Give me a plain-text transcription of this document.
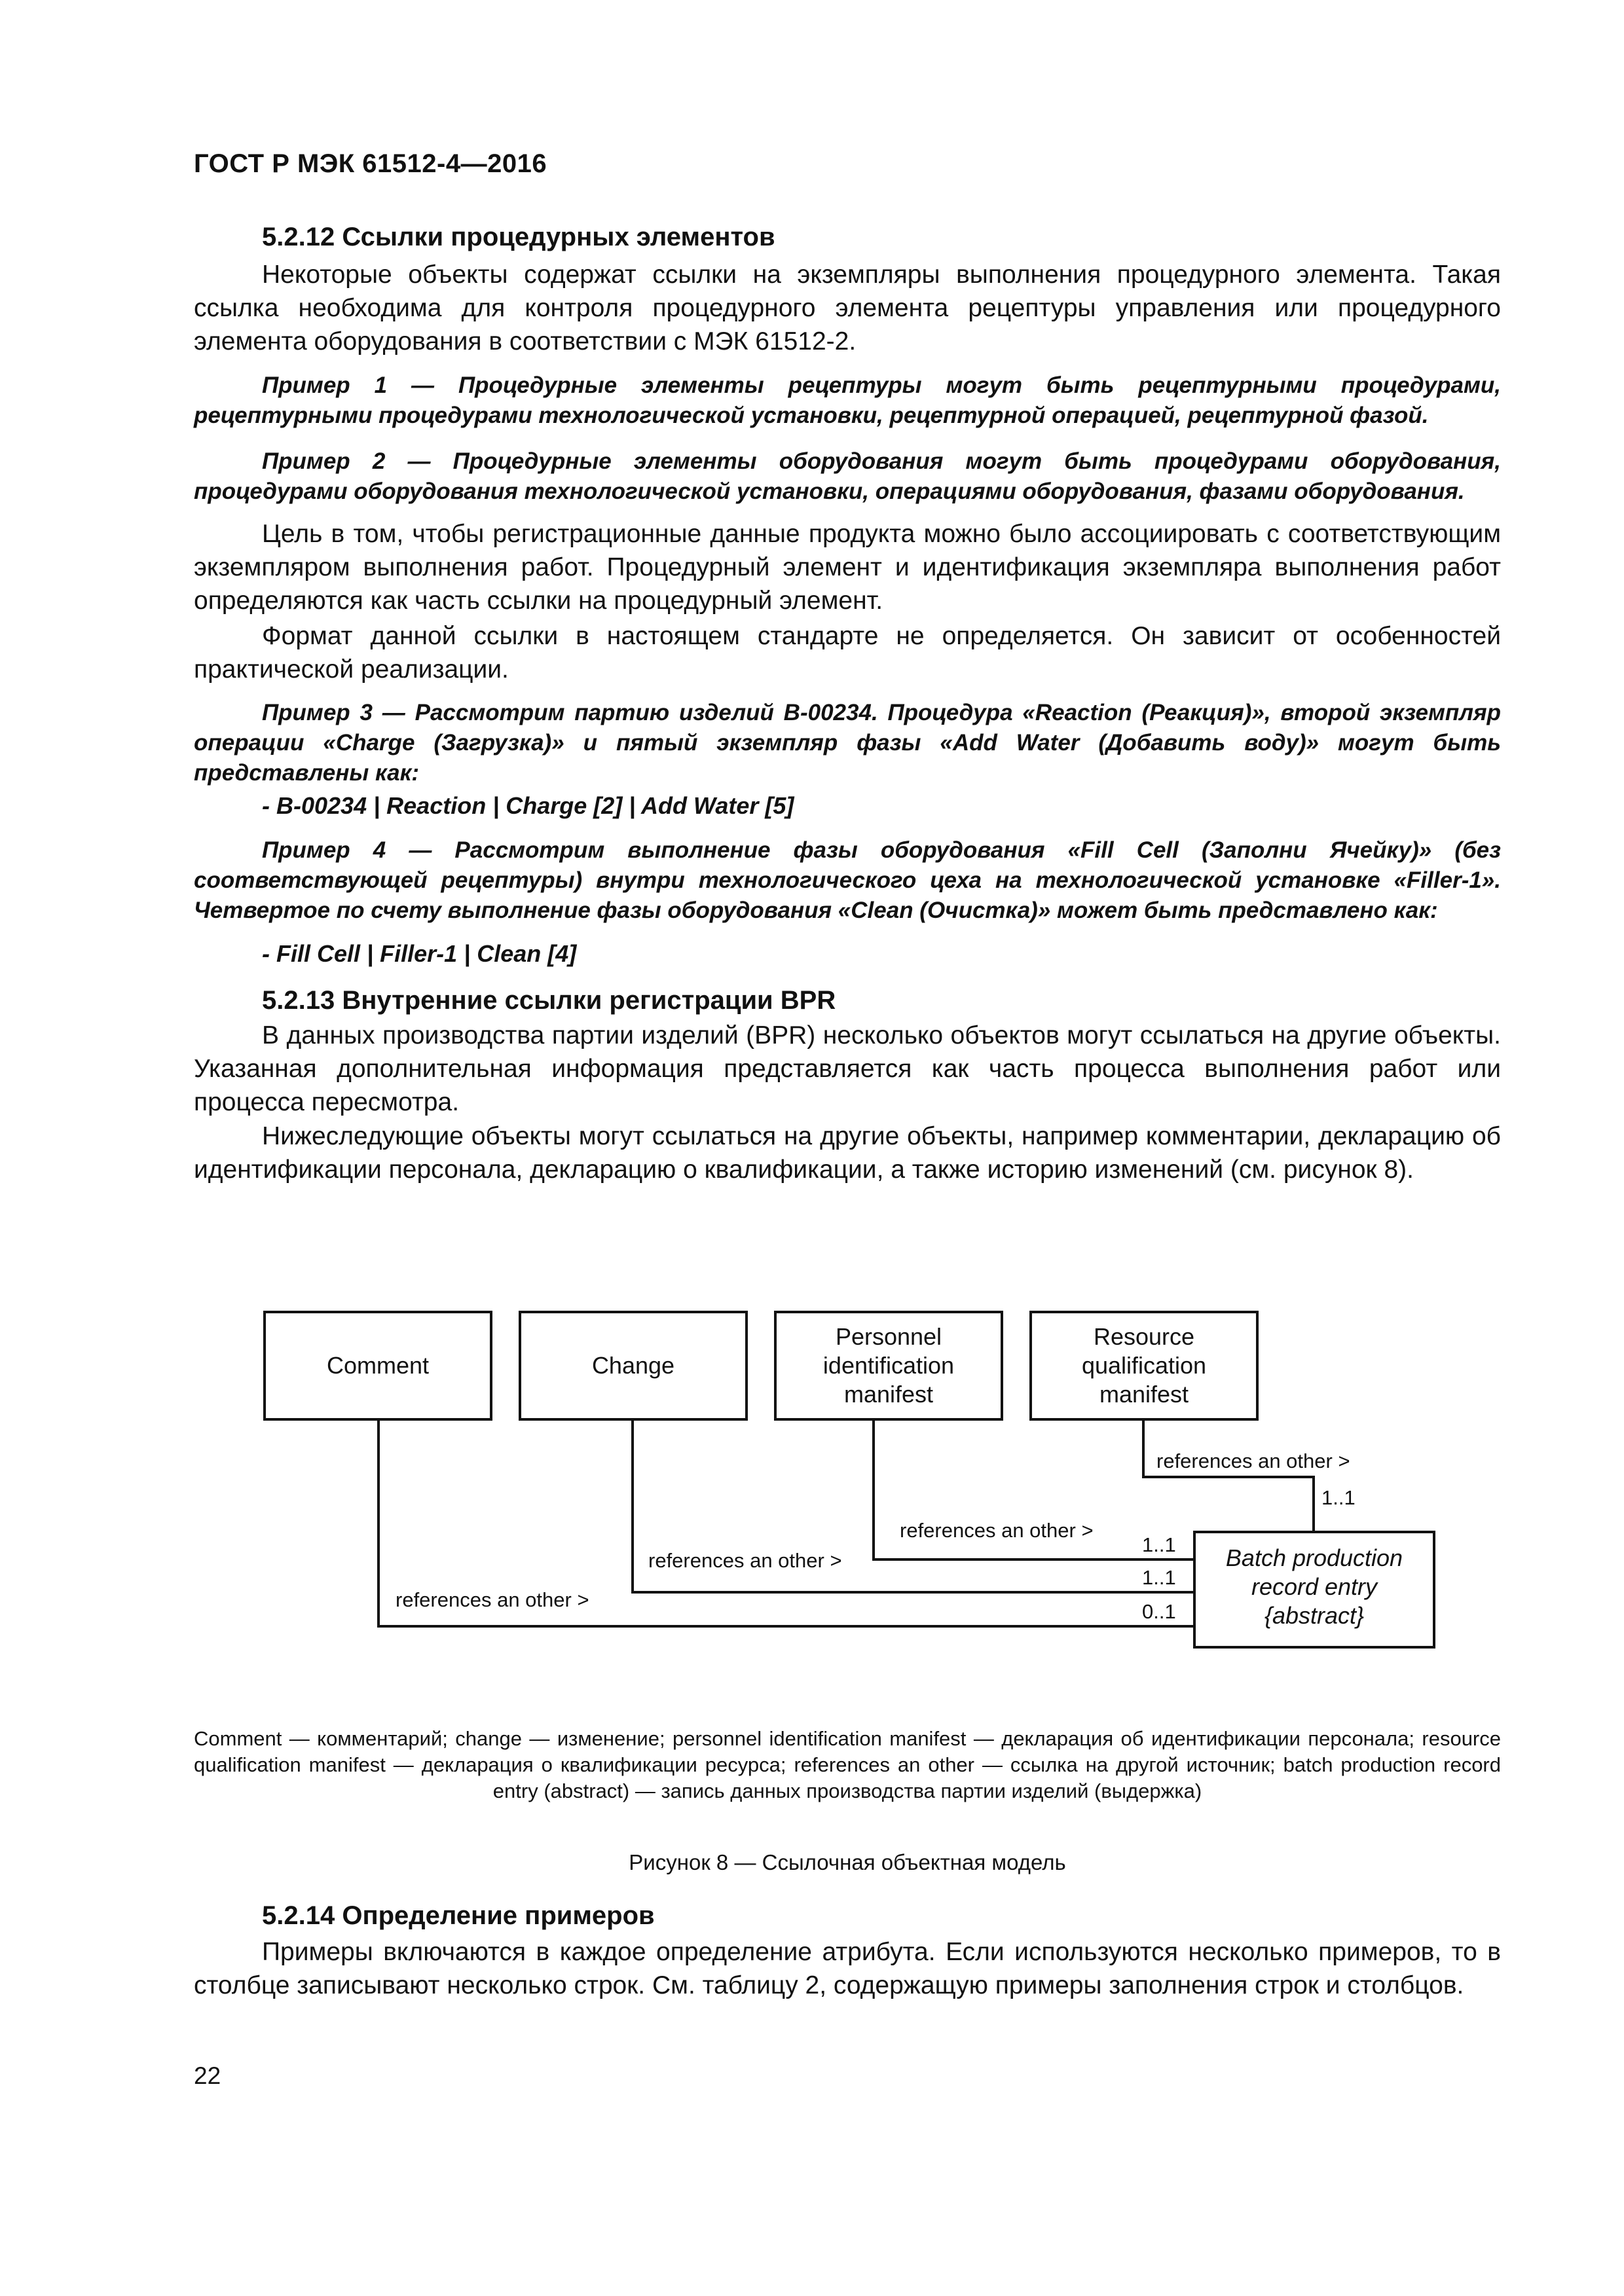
ГОСТ Р МЭК 61512-4—2016
5.2.12 Ссылки процедурных элементов
Некоторые объекты содержат ссылки на экземпляры выполнения процедурного элемента. Такая ссылка необходима для контроля процедурного элемента рецептуры управления или процедурного элемента оборудования в соответствии с МЭК 61512-2.
Пример 1 — Процедурные элементы рецептуры могут быть рецептурными процедурами, рецептурными процедурами технологической установки, рецептурной операцией, рецептурной фазой.
Пример 2 — Процедурные элементы оборудования могут быть процедурами оборудования, процедурами оборудования технологической установки, операциями оборудования, фазами оборудования.
Цель в том, чтобы регистрационные данные продукта можно было ассоциировать с соответствующим экземпляром выполнения работ. Процедурный элемент и идентификация экземпляра выполнения работ определяются как часть ссылки на процедурный элемент.
Формат данной ссылки в настоящем стандарте не определяется. Он зависит от особенностей практической реализации.
Пример 3 — Рассмотрим партию изделий B-00234. Процедура «Reaction (Реакция)», второй экземпляр операции «Charge (Загрузка)» и пятый экземпляр фазы «Add Water (Добавить воду)» могут быть представлены как:
- B-00234 | Reaction | Charge [2] | Add Water [5]
Пример 4 — Рассмотрим выполнение фазы оборудования «Fill Cell (Заполни Ячейку)» (без соответствующей рецептуры) внутри технологического цеха на технологической установке «Filler-1». Четвертое по счету выполнение фазы оборудования «Clean (Очистка)» может быть представлено как:
- Fill Cell | Filler-1 | Clean [4]
5.2.13 Внутренние ссылки регистрации BPR
В данных производства партии изделий (BPR) несколько объектов могут ссылаться на другие объекты. Указанная дополнительная информация представляется как часть процесса выполнения работ или процесса пересмотра.
Нижеследующие объекты могут ссылаться на другие объекты, например комментарии, декларацию об идентификации персонала, декларацию о квалификации, а также историю изменений (см. рисунок 8).
Comment	Change
Personnel
identification
manifest
Resource
qualification
manifest
Batch production
record entry
{abstract}
references an other >
references an other >
references an other >
references an other >
1..1
1..1
1..1
0..1
Comment — комментарий; change — изменение; personnel identification manifest — декларация об идентификации персонала; resource qualification manifest — декларация о квалификации ресурса; references an other — ссылка на другой источник; batch production record entry (abstract) — запись данных производства партии изделий (выдержка)
Рисунок 8 — Ссылочная объектная модель
5.2.14 Определение примеров
Примеры включаются в каждое определение атрибута. Если используются несколько примеров, то в столбце записывают несколько строк. См. таблицу 2, содержащую примеры заполнения строк и столбцов.
22
